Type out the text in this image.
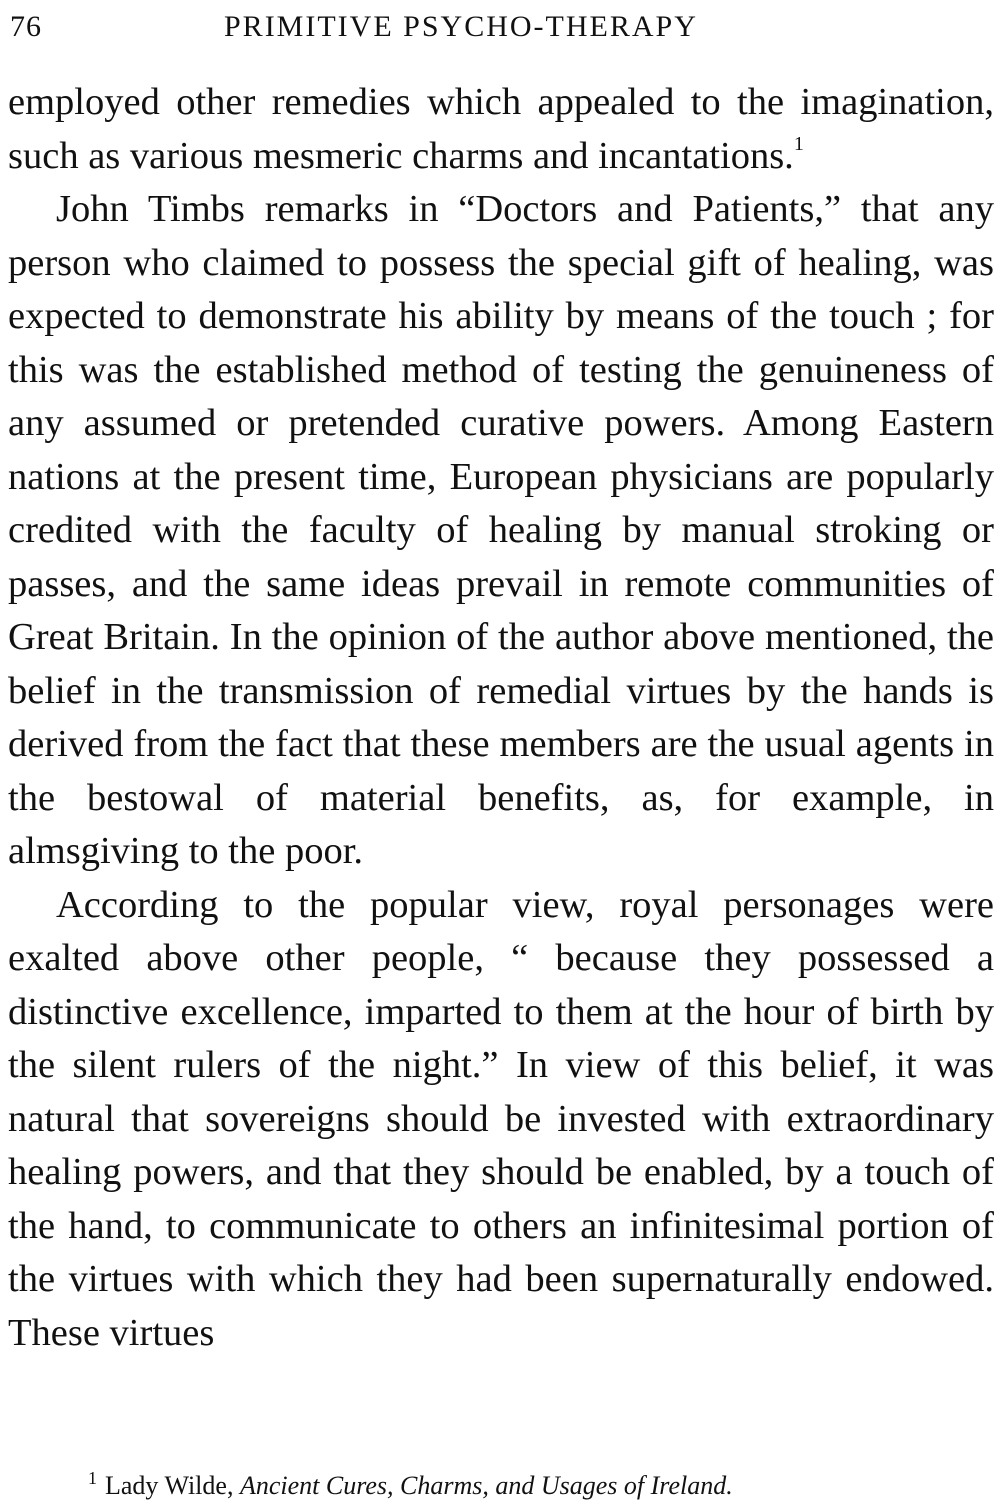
76	PRIMITIVE PSYCHO-THERAPY

employed other remedies which appealed to the imagination, such as various mesmeric charms and incantations.$^1$

John Timbs remarks in “Doctors and Patients,” that any person who claimed to possess the special gift of healing, was expected to demonstrate his ability by means of the touch ; for this was the established method of testing the genuineness of any assumed or pretended curative powers. Among Eastern nations at the present time, European physicians are popularly credited with the faculty of healing by manual stroking or passes, and the same ideas prevail in remote communities of Great Britain. In the opinion of the author above mentioned, the belief in the transmission of remedial virtues by the hands is derived from the fact that these members are the usual agents in the bestowal of material benefits, as, for example, in almsgiving to the poor.

According to the popular view, royal personages were exalted above other people, “ because they possessed a distinctive excellence, imparted to them at the hour of birth by the silent rulers of the night.” In view of this belief, it was natural that sovereigns should be invested with extraordinary healing powers, and that they should be enabled, by a touch of the hand, to communicate to others an infinitesimal portion of the virtues with which they had been supernaturally endowed. These virtues

$^1$ Lady Wilde, Ancient Cures, Charms, and Usages of Ireland.
